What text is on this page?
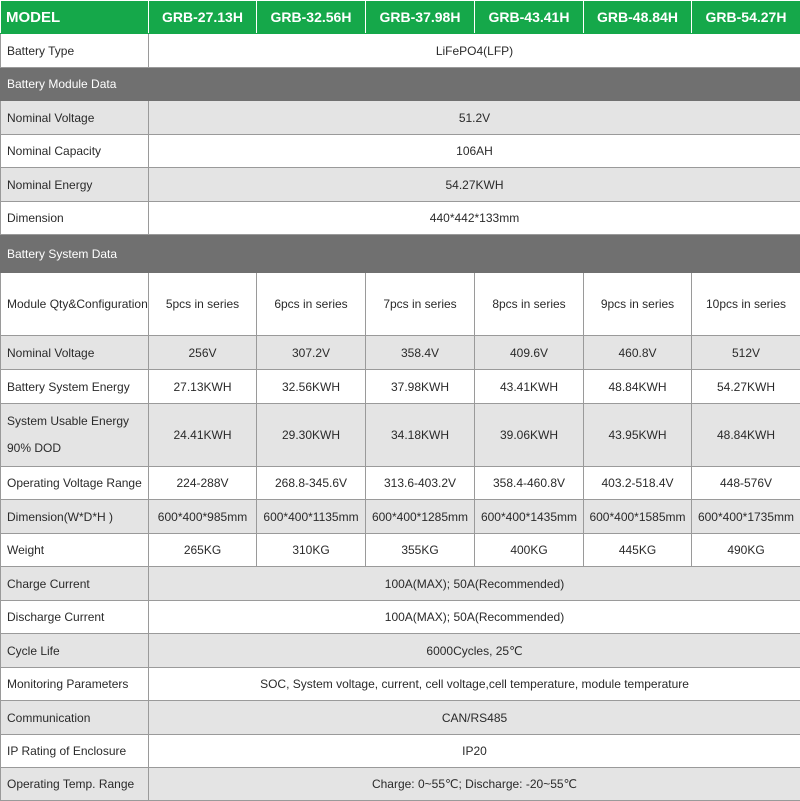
MODEL	GRB-27.13H	GRB-32.56H	GRB-37.98H	GRB-43.41H	GRB-48.84H	GRB-54.27H
Battery Type	LiFePO4(LFP)					
Battery Module Data						
Nominal Voltage	51.2V					
Nominal Capacity	106AH					
Nominal Energy	54.27KWH					
Dimension	440*442*133mm					
Battery System Data						
Module Qty&Configuration	5pcs in series	6pcs in series	7pcs in series	8pcs in series	9pcs in series	10pcs in series
Nominal Voltage	256V	307.2V	358.4V	409.6V	460.8V	512V
Battery System Energy	27.13KWH	32.56KWH	37.98KWH	43.41KWH	48.84KWH	54.27KWH
System Usable Energy 90% DOD	24.41KWH	29.30KWH	34.18KWH	39.06KWH	43.95KWH	48.84KWH
Operating Voltage Range	224-288V	268.8-345.6V	313.6-403.2V	358.4-460.8V	403.2-518.4V	448-576V
Dimension(W*D*H )	600*400*985mm	600*400*1135mm	600*400*1285mm	600*400*1435mm	600*400*1585mm	600*400*1735mm
Weight	265KG	310KG	355KG	400KG	445KG	490KG
Charge Current	100A(MAX); 50A(Recommended)					
Discharge Current	100A(MAX); 50A(Recommended)					
Cycle Life	6000Cycles, 25℃					
Monitoring Parameters	SOC, System voltage, current, cell voltage,cell temperature, module temperature					
Communication	CAN/RS485					
IP Rating of Enclosure	IP20					
Operating Temp. Range	Charge: 0~55℃; Discharge: -20~55℃					
